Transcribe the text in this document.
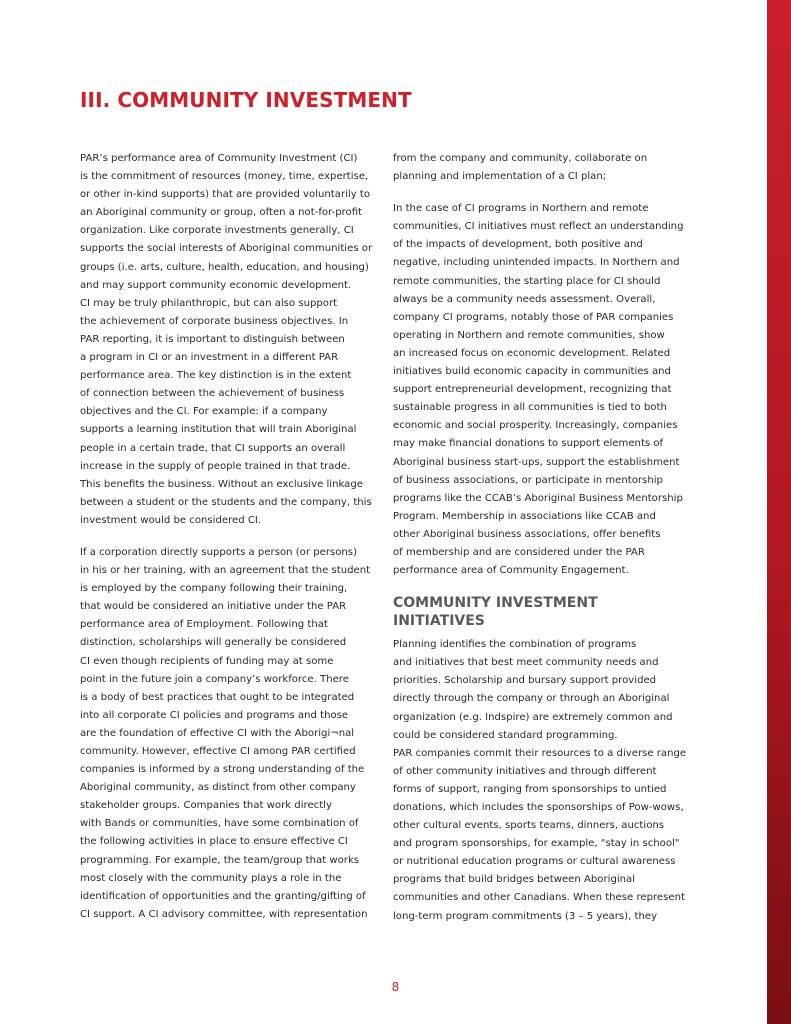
III. COMMUNITY INVESTMENT

PAR’s performance area of Community Investment (CI)
is the commitment of resources (money, time, expertise,
or other in-kind supports) that are provided voluntarily to
an Aboriginal community or group, often a not-for-profit
organization. Like corporate investments generally, CI
supports the social interests of Aboriginal communities or
groups (i.e. arts, culture, health, education, and housing)
and may support community economic development.
CI may be truly philanthropic, but can also support
the achievement of corporate business objectives. In
PAR reporting, it is important to distinguish between
a program in CI or an investment in a different PAR
performance area. The key distinction is in the extent
of connection between the achievement of business
objectives and the CI. For example: if a company
supports a learning institution that will train Aboriginal
people in a certain trade, that CI supports an overall
increase in the supply of people trained in that trade.
This benefits the business. Without an exclusive linkage
between a student or the students and the company, this
investment would be considered CI.

If a corporation directly supports a person (or persons)
in his or her training, with an agreement that the student
is employed by the company following their training,
that would be considered an initiative under the PAR
performance area of Employment. Following that
distinction, scholarships will generally be considered
CI even though recipients of funding may at some
point in the future join a company’s workforce. There
is a body of best practices that ought to be integrated
into all corporate CI policies and programs and those
are the foundation of effective CI with the Aborigi¬nal
community. However, effective CI among PAR certified
companies is informed by a strong understanding of the
Aboriginal community, as distinct from other company
stakeholder groups. Companies that work directly
with Bands or communities, have some combination of
the following activities in place to ensure effective CI
programming. For example, the team/group that works
most closely with the community plays a role in the
identification of opportunities and the granting/gifting of
CI support. A CI advisory committee, with representation

from the company and community, collaborate on
planning and implementation of a CI plan;

In the case of CI programs in Northern and remote
communities, CI initiatives must reflect an understanding
of the impacts of development, both positive and
negative, including unintended impacts. In Northern and
remote communities, the starting place for CI should
always be a community needs assessment. Overall,
company CI programs, notably those of PAR companies
operating in Northern and remote communities, show
an increased focus on economic development. Related
initiatives build economic capacity in communities and
support entrepreneurial development, recognizing that
sustainable progress in all communities is tied to both
economic and social prosperity. Increasingly, companies
may make financial donations to support elements of
Aboriginal business start-ups, support the establishment
of business associations, or participate in mentorship
programs like the CCAB’s Aboriginal Business Mentorship
Program. Membership in associations like CCAB and
other Aboriginal business associations, offer benefits
of membership and are considered under the PAR
performance area of Community Engagement.

COMMUNITY INVESTMENT
INITIATIVES

Planning identifies the combination of programs
and initiatives that best meet community needs and
priorities. Scholarship and bursary support provided
directly through the company or through an Aboriginal
organization (e.g. Indspire) are extremely common and
could be considered standard programming.
PAR companies commit their resources to a diverse range
of other community initiatives and through different
forms of support, ranging from sponsorships to untied
donations, which includes the sponsorships of Pow-wows,
other cultural events, sports teams, dinners, auctions
and program sponsorships, for example, "stay in school"
or nutritional education programs or cultural awareness
programs that build bridges between Aboriginal
communities and other Canadians. When these represent
long-term program commitments (3 – 5 years), they

8
